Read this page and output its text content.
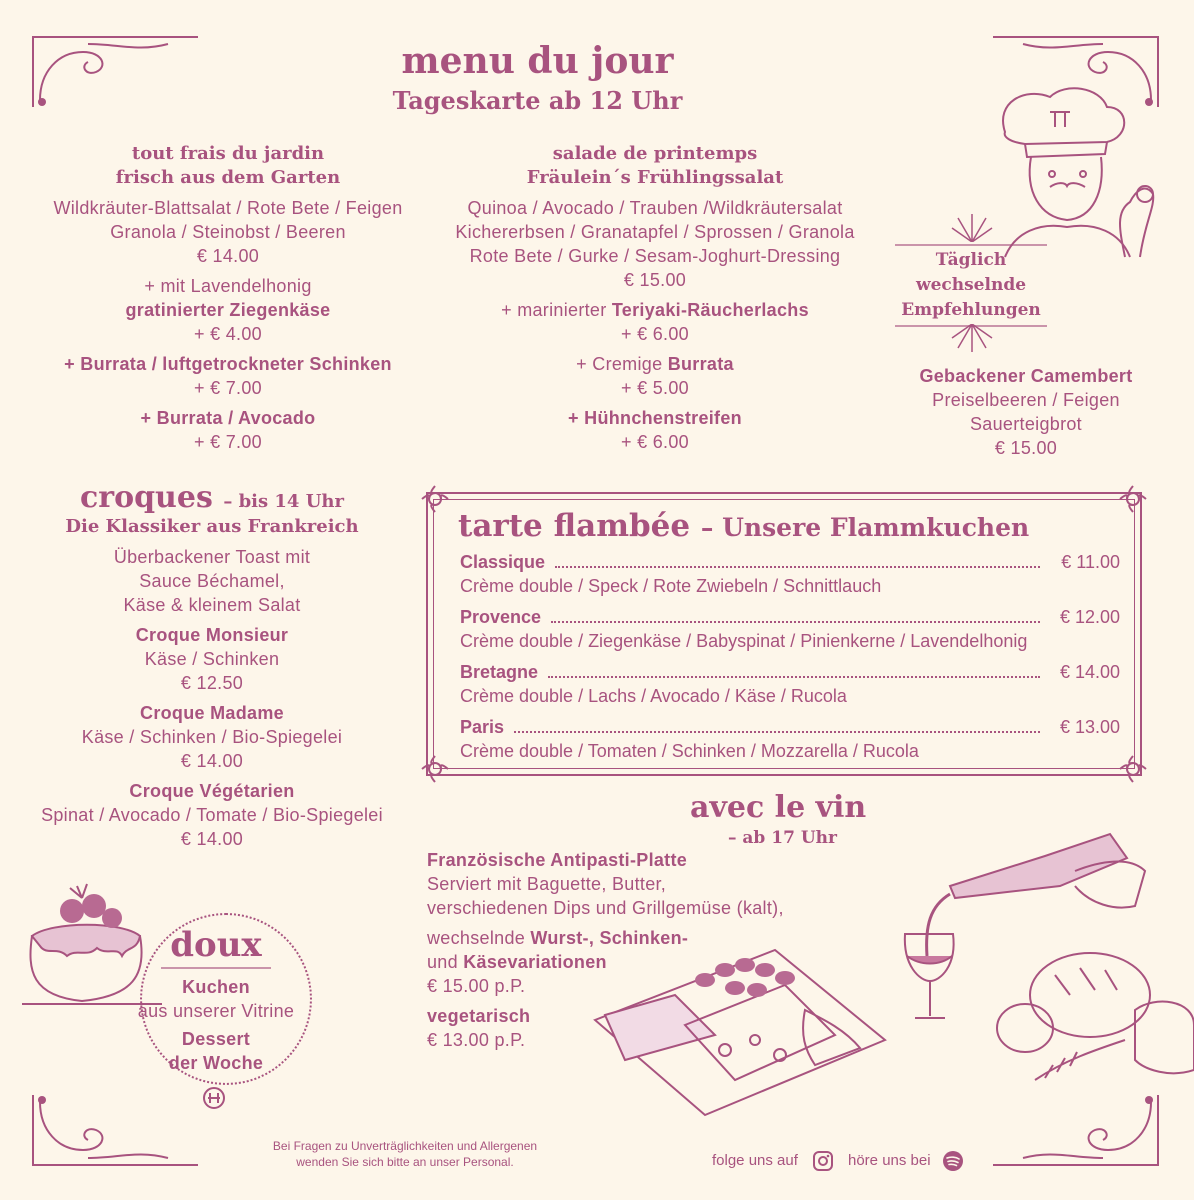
menu du jour
Tageskarte ab 12 Uhr
tout frais du jardin
frisch aus dem Garten
Wildkräuter-Blattsalat / Rote Bete / Feigen
Granola / Steinobst / Beeren
€ 14.00
+ mit Lavendelhonig
gratinierter Ziegenkäse
+ € 4.00
+ Burrata / luftgetrockneter Schinken
+ € 7.00
+ Burrata / Avocado
+ € 7.00
salade de printemps
Fräulein´s Frühlingssalat
Quinoa / Avocado / Trauben /Wildkräutersalat
Kichererbsen / Granatapfel / Sprossen / Granola
Rote Bete / Gurke / Sesam-Joghurt-Dressing
€ 15.00
+ marinierter Teriyaki-Räucherlachs
+ € 6.00
+ Cremige Burrata
+ € 5.00
+ Hühnchenstreifen
+ € 6.00
Täglich
wechselnde
Empfehlungen
Gebackener Camembert
Preiselbeeren / Feigen
Sauerteigbrot
€ 15.00
croques – bis 14 Uhr
Die Klassiker aus Frankreich
Überbackener Toast mit
Sauce Béchamel,
Käse & kleinem Salat
Croque Monsieur
Käse / Schinken
€ 12.50
Croque Madame
Käse / Schinken / Bio-Spiegelei
€ 14.00
Croque Végétarien
Spinat / Avocado / Tomate / Bio-Spiegelei
€ 14.00
tarte flambée – Unsere Flammkuchen
Classique	€ 11.00
Crème double / Speck / Rote Zwiebeln / Schnittlauch
Provence	€ 12.00
Crème double / Ziegenkäse / Babyspinat / Pinienkerne / Lavendelhonig
Bretagne	€ 14.00
Crème double / Lachs / Avocado / Käse / Rucola
Paris	€ 13.00
Crème double / Tomaten / Schinken / Mozzarella / Rucola
avec le vin
– ab 17 Uhr
Französische Antipasti-Platte
Serviert mit Baguette, Butter,
verschiedenen Dips und Grillgemüse (kalt),
wechselnde Wurst-, Schinken-
und Käsevariationen
€ 15.00 p.P.
vegetarisch
€ 13.00 p.P.
doux
Kuchen
aus unserer Vitrine
Dessert
der Woche
Bei Fragen zu Unverträglichkeiten und Allergenen
wenden Sie sich bitte an unser Personal.	folge uns auf	höre uns bei
